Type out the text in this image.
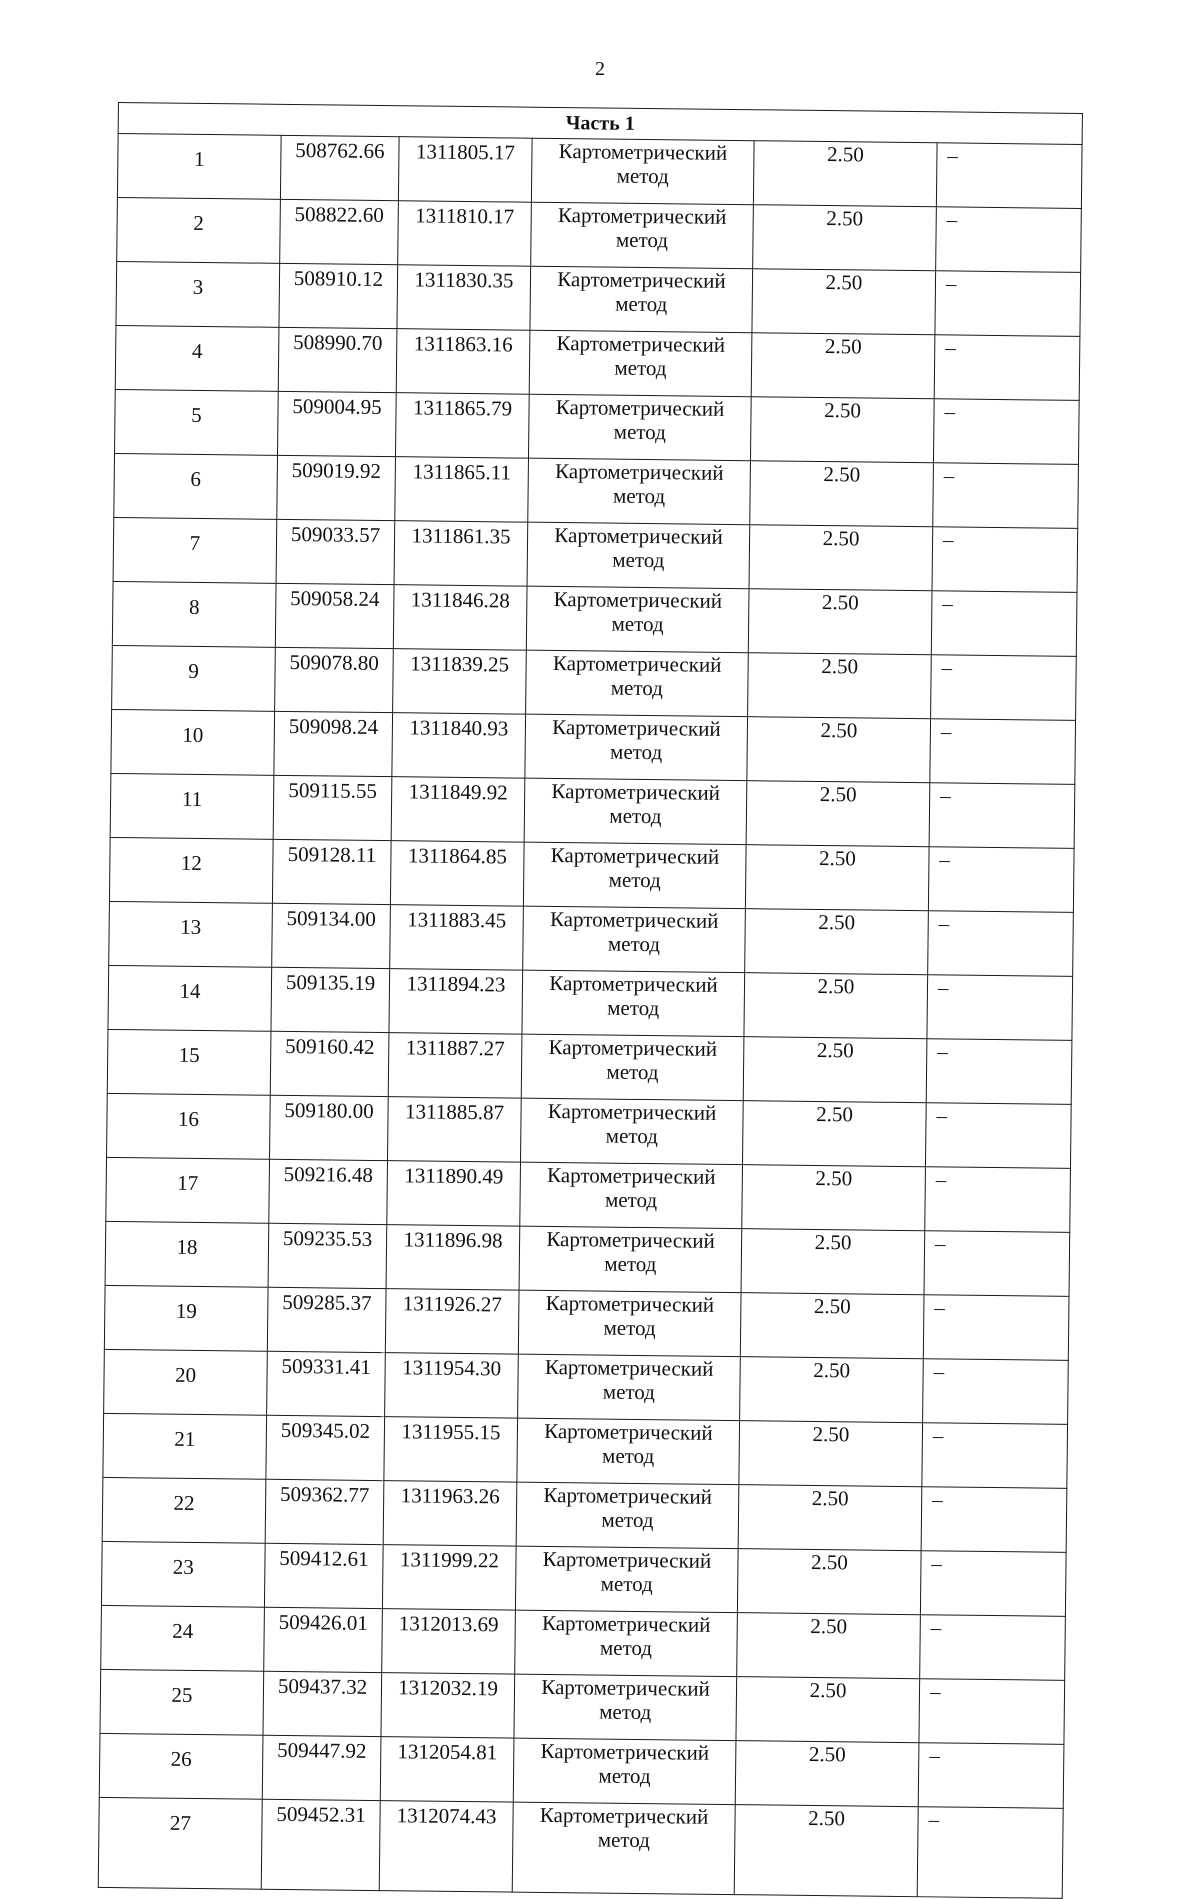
2
Часть 1					
1	508762.66	1311805.17	Картометрический
метод	2.50	–
2	508822.60	1311810.17	Картометрический
метод	2.50	–
3	508910.12	1311830.35	Картометрический
метод	2.50	–
4	508990.70	1311863.16	Картометрический
метод	2.50	–
5	509004.95	1311865.79	Картометрический
метод	2.50	–
6	509019.92	1311865.11	Картометрический
метод	2.50	–
7	509033.57	1311861.35	Картометрический
метод	2.50	–
8	509058.24	1311846.28	Картометрический
метод	2.50	–
9	509078.80	1311839.25	Картометрический
метод	2.50	–
10	509098.24	1311840.93	Картометрический
метод	2.50	–
11	509115.55	1311849.92	Картометрический
метод	2.50	–
12	509128.11	1311864.85	Картометрический
метод	2.50	–
13	509134.00	1311883.45	Картометрический
метод	2.50	–
14	509135.19	1311894.23	Картометрический
метод	2.50	–
15	509160.42	1311887.27	Картометрический
метод	2.50	–
16	509180.00	1311885.87	Картометрический
метод	2.50	–
17	509216.48	1311890.49	Картометрический
метод	2.50	–
18	509235.53	1311896.98	Картометрический
метод	2.50	–
19	509285.37	1311926.27	Картометрический
метод	2.50	–
20	509331.41	1311954.30	Картометрический
метод	2.50	–
21	509345.02	1311955.15	Картометрический
метод	2.50	–
22	509362.77	1311963.26	Картометрический
метод	2.50	–
23	509412.61	1311999.22	Картометрический
метод	2.50	–
24	509426.01	1312013.69	Картометрический
метод	2.50	–
25	509437.32	1312032.19	Картометрический
метод	2.50	–
26	509447.92	1312054.81	Картометрический
метод	2.50	–
27	509452.31	1312074.43	Картометрический
метод	2.50	–
